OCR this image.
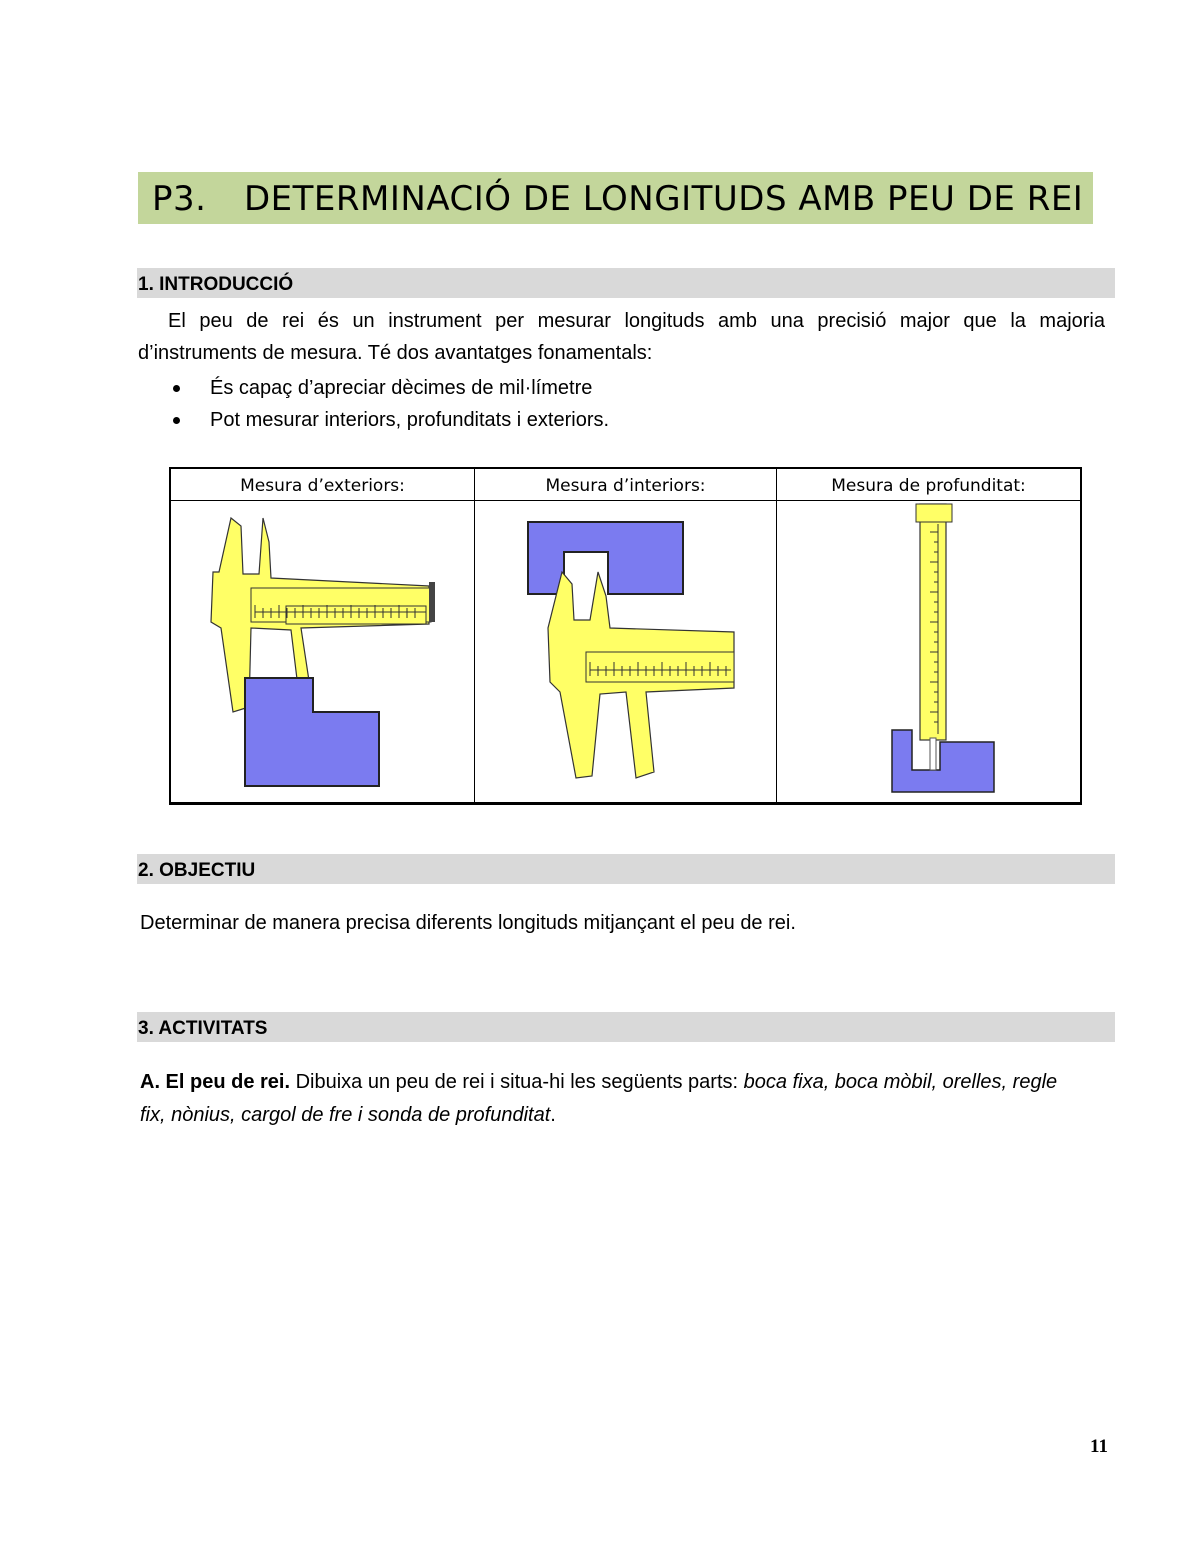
P3. DETERMINACIÓ DE LONGITUDS AMB PEU DE REI
1. INTRODUCCIÓ
El peu de rei és un instrument per mesurar longituds amb una precisió major que la majoria
d’instruments de mesura. Té dos avantatges fonamentals:
És capaç d’apreciar dècimes de mil·límetre
Pot mesurar interiors, profunditats i exteriors.
Mesura d’exteriors:	Mesura d’interiors:	Mesura de profunditat:
2. OBJECTIU
Determinar de manera precisa diferents longituds mitjançant el peu de rei.
3. ACTIVITATS
A. El peu de rei. Dibuixa un peu de rei i situa-hi les següents parts: boca fixa, boca mòbil, orelles, regle
fix, nònius, cargol de fre i sonda de profunditat.
11
